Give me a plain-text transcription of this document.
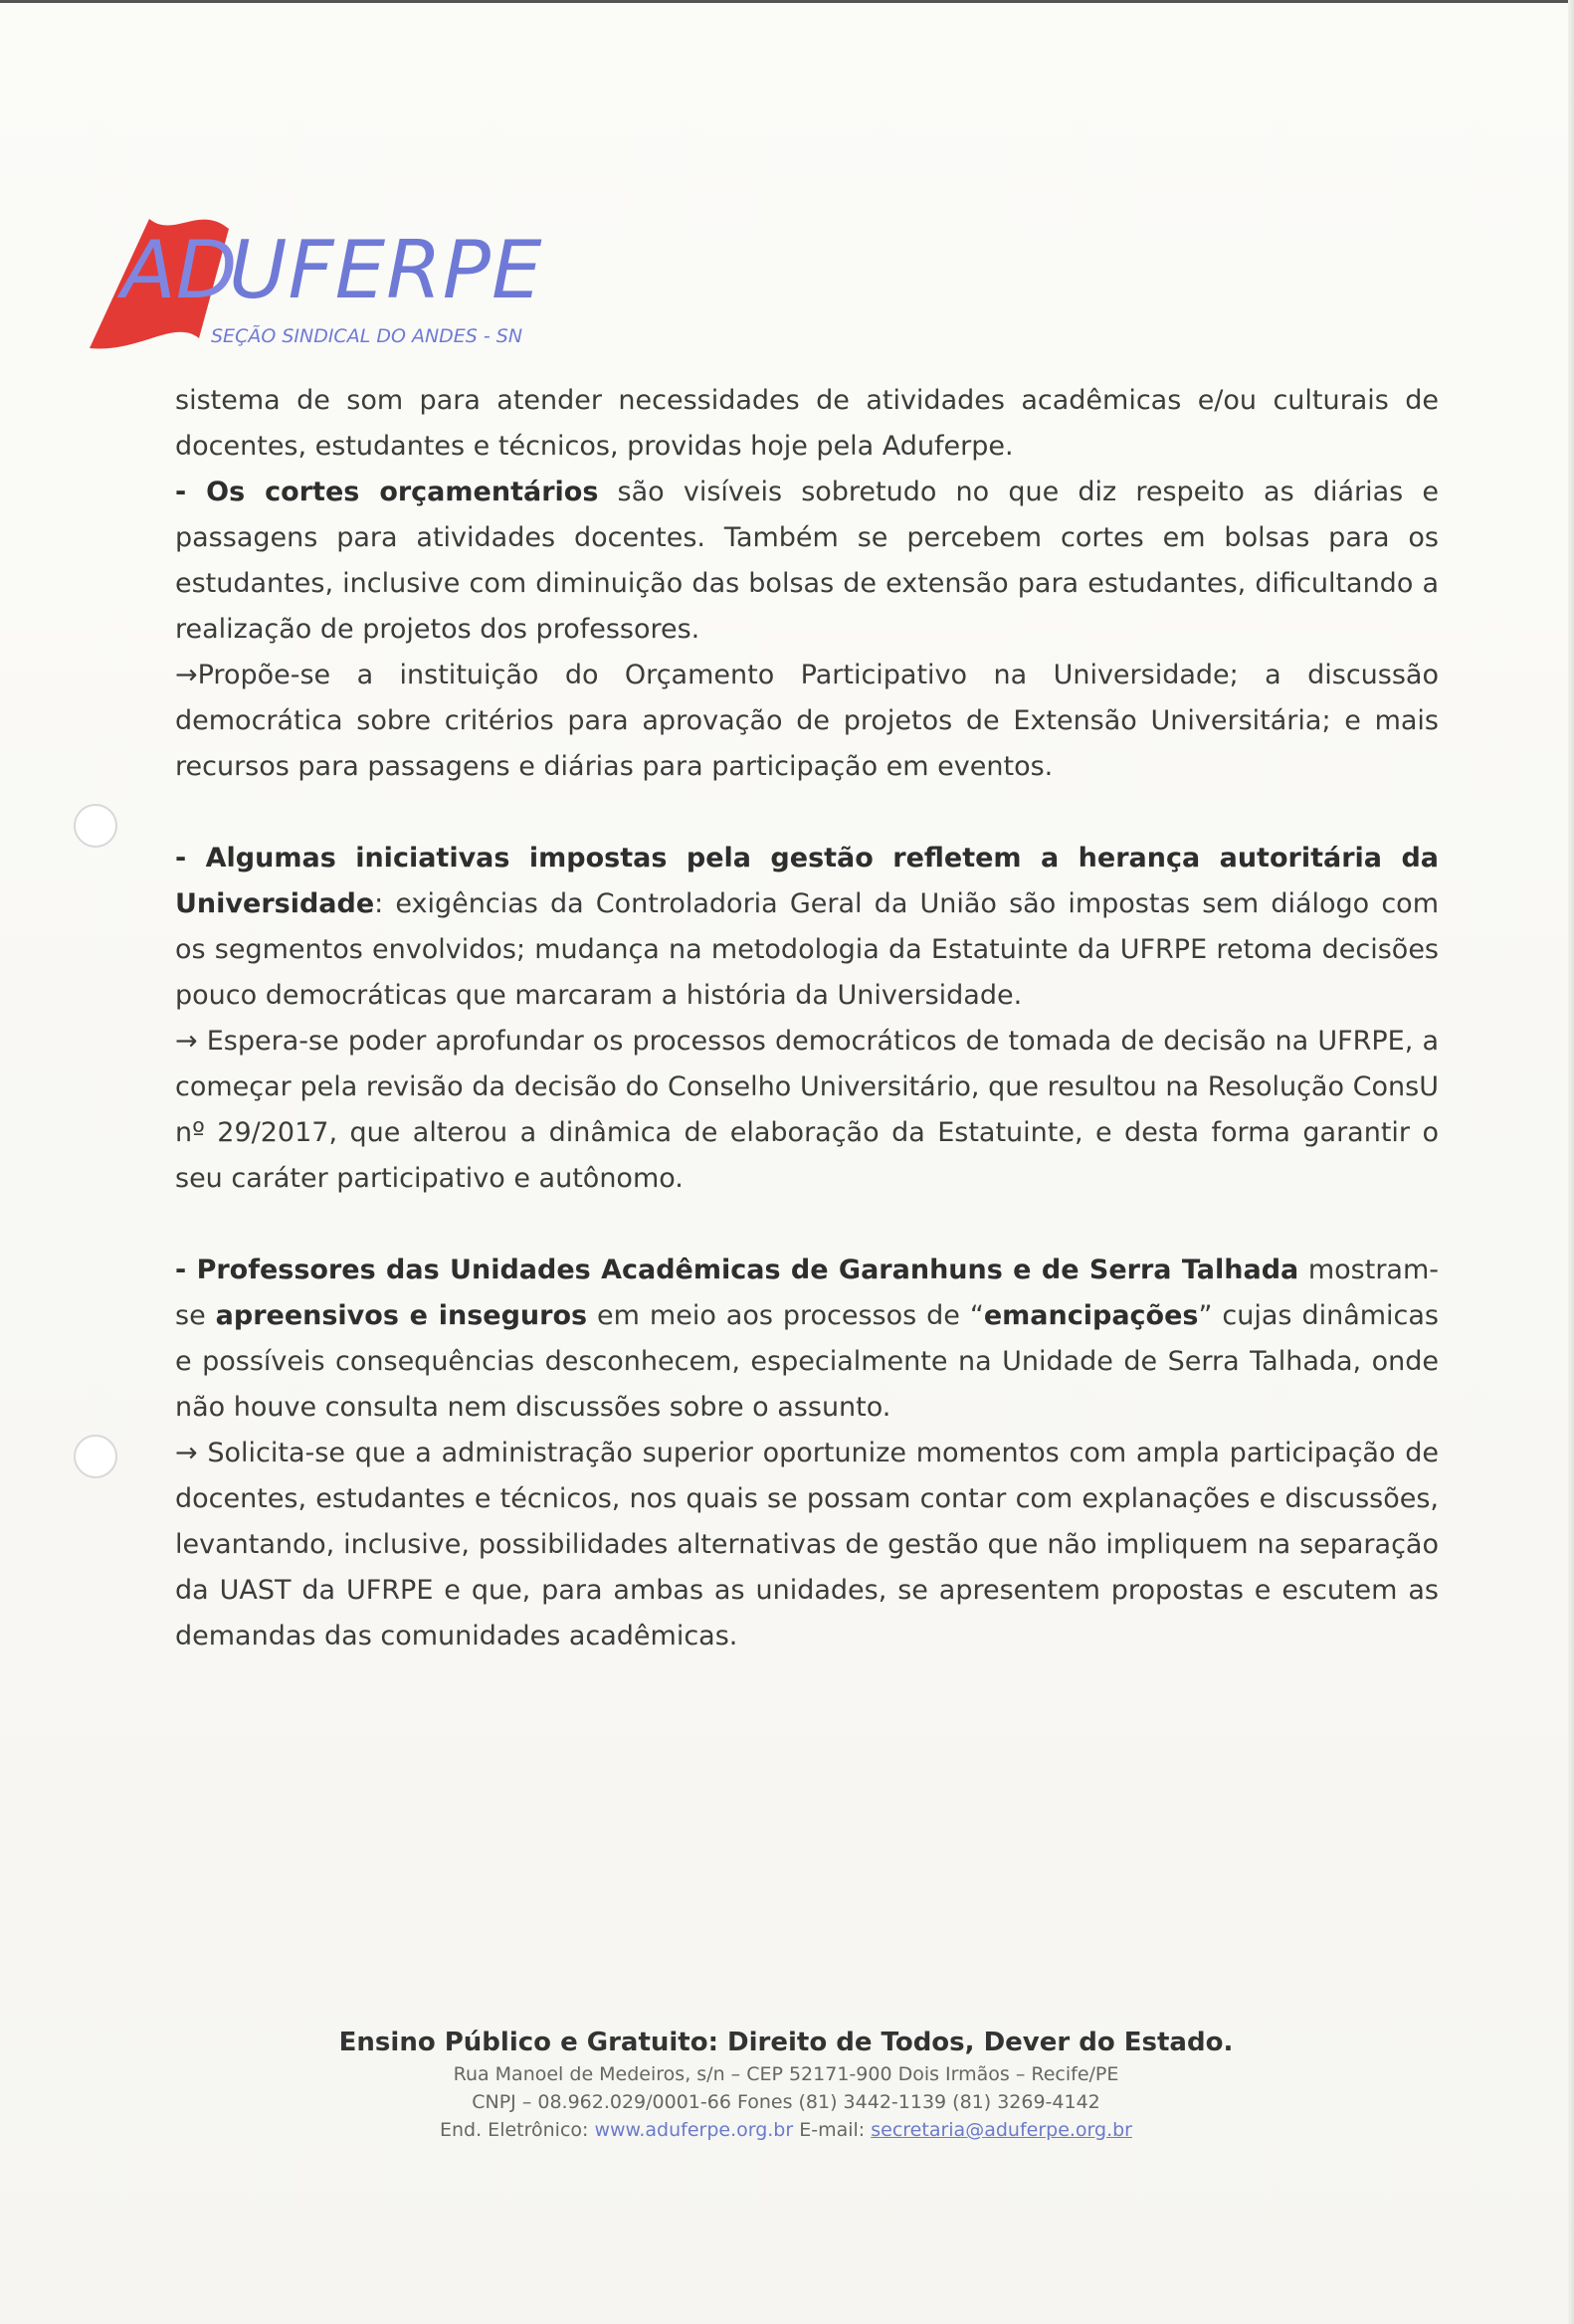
AD
UFERPE
SEÇÃO SINDICAL DO ANDES - SN

sistema de som para atender necessidades de atividades acadêmicas e/ou culturais de docentes, estudantes e técnicos, providas hoje pela Aduferpe.

- Os cortes orçamentários são visíveis sobretudo no que diz respeito as diárias e passagens para atividades docentes. Também se percebem cortes em bolsas para os estudantes, inclusive com diminuição das bolsas de extensão para estudantes, dificultando a realização de projetos dos professores.

→Propõe-se a instituição do Orçamento Participativo na Universidade; a discussão democrática sobre critérios para aprovação de projetos de Extensão Universitária; e mais recursos para passagens e diárias para participação em eventos.

- Algumas iniciativas impostas pela gestão refletem a herança autoritária da Universidade: exigências da Controladoria Geral da União são impostas sem diálogo com os segmentos envolvidos; mudança na metodologia da Estatuinte da UFRPE retoma decisões pouco democráticas que marcaram a história da Universidade.

→ Espera-se poder aprofundar os processos democráticos de tomada de decisão na UFRPE, a começar pela revisão da decisão do Conselho Universitário, que resultou na Resolução ConsU nº 29/2017, que alterou a dinâmica de elaboração da Estatuinte, e desta forma garantir o seu caráter participativo e autônomo.

- Professores das Unidades Acadêmicas de Garanhuns e de Serra Talhada mostram-se apreensivos e inseguros em meio aos processos de “emancipações” cujas dinâmicas e possíveis consequências desconhecem, especialmente na Unidade de Serra Talhada, onde não houve consulta nem discussões sobre o assunto.

→ Solicita-se que a administração superior oportunize momentos com ampla participação de docentes, estudantes e técnicos, nos quais se possam contar com explanações e discussões, levantando, inclusive, possibilidades alternativas de gestão que não impliquem na separação da UAST da UFRPE e que, para ambas as unidades, se apresentem propostas e escutem as demandas das comunidades acadêmicas.

Ensino Público e Gratuito: Direito de Todos, Dever do Estado.
Rua Manoel de Medeiros, s/n – CEP 52171-900 Dois Irmãos – Recife/PE
CNPJ – 08.962.029/0001-66 Fones (81) 3442-1139 (81) 3269-4142
End. Eletrônico: www.aduferpe.org.br E-mail: secretaria@aduferpe.org.br
